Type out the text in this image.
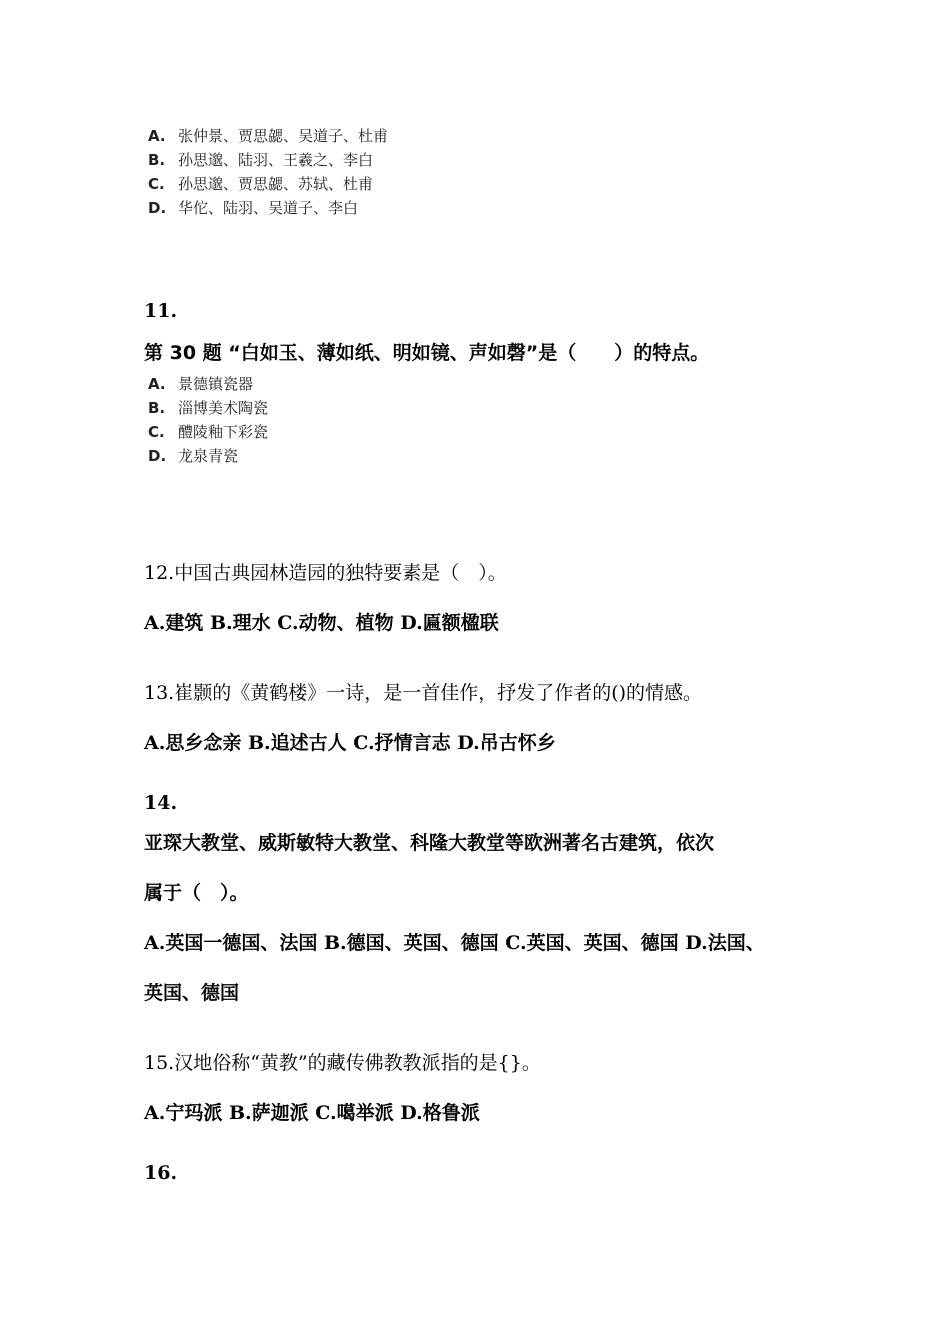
A. 张仲景、贾思勰、吴道子、杜甫
B. 孙思邈、陆羽、王羲之、李白
C. 孙思邈、贾思勰、苏轼、杜甫
D. 华佗、陆羽、吴道子、李白
11.
第 30 题 “白如玉、薄如纸、明如镜、声如磬”是（　　）的特点。
A. 景德镇瓷器
B. 淄博美术陶瓷
C. 醴陵釉下彩瓷
D. 龙泉青瓷
12.中国古典园林造园的独特要素是（　）。
A.建筑 B.理水 C.动物、植物 D.匾额楹联
13.崔颢的《黄鹤楼》一诗，是一首佳作，抒发了作者的()的情感。
A.思乡念亲 B.追述古人 C.抒情言志 D.吊古怀乡
14.
亚琛大教堂、威斯敏特大教堂、科隆大教堂等欧洲著名古建筑，依次
属于（　）。
A.英国一德国、法国 B.德国、英国、德国 C.英国、英国、德国 D.法国、
英国、德国
15.汉地俗称“黄教”的藏传佛教教派指的是{}。
A.宁玛派 B.萨迦派 C.噶举派 D.格鲁派
16.
